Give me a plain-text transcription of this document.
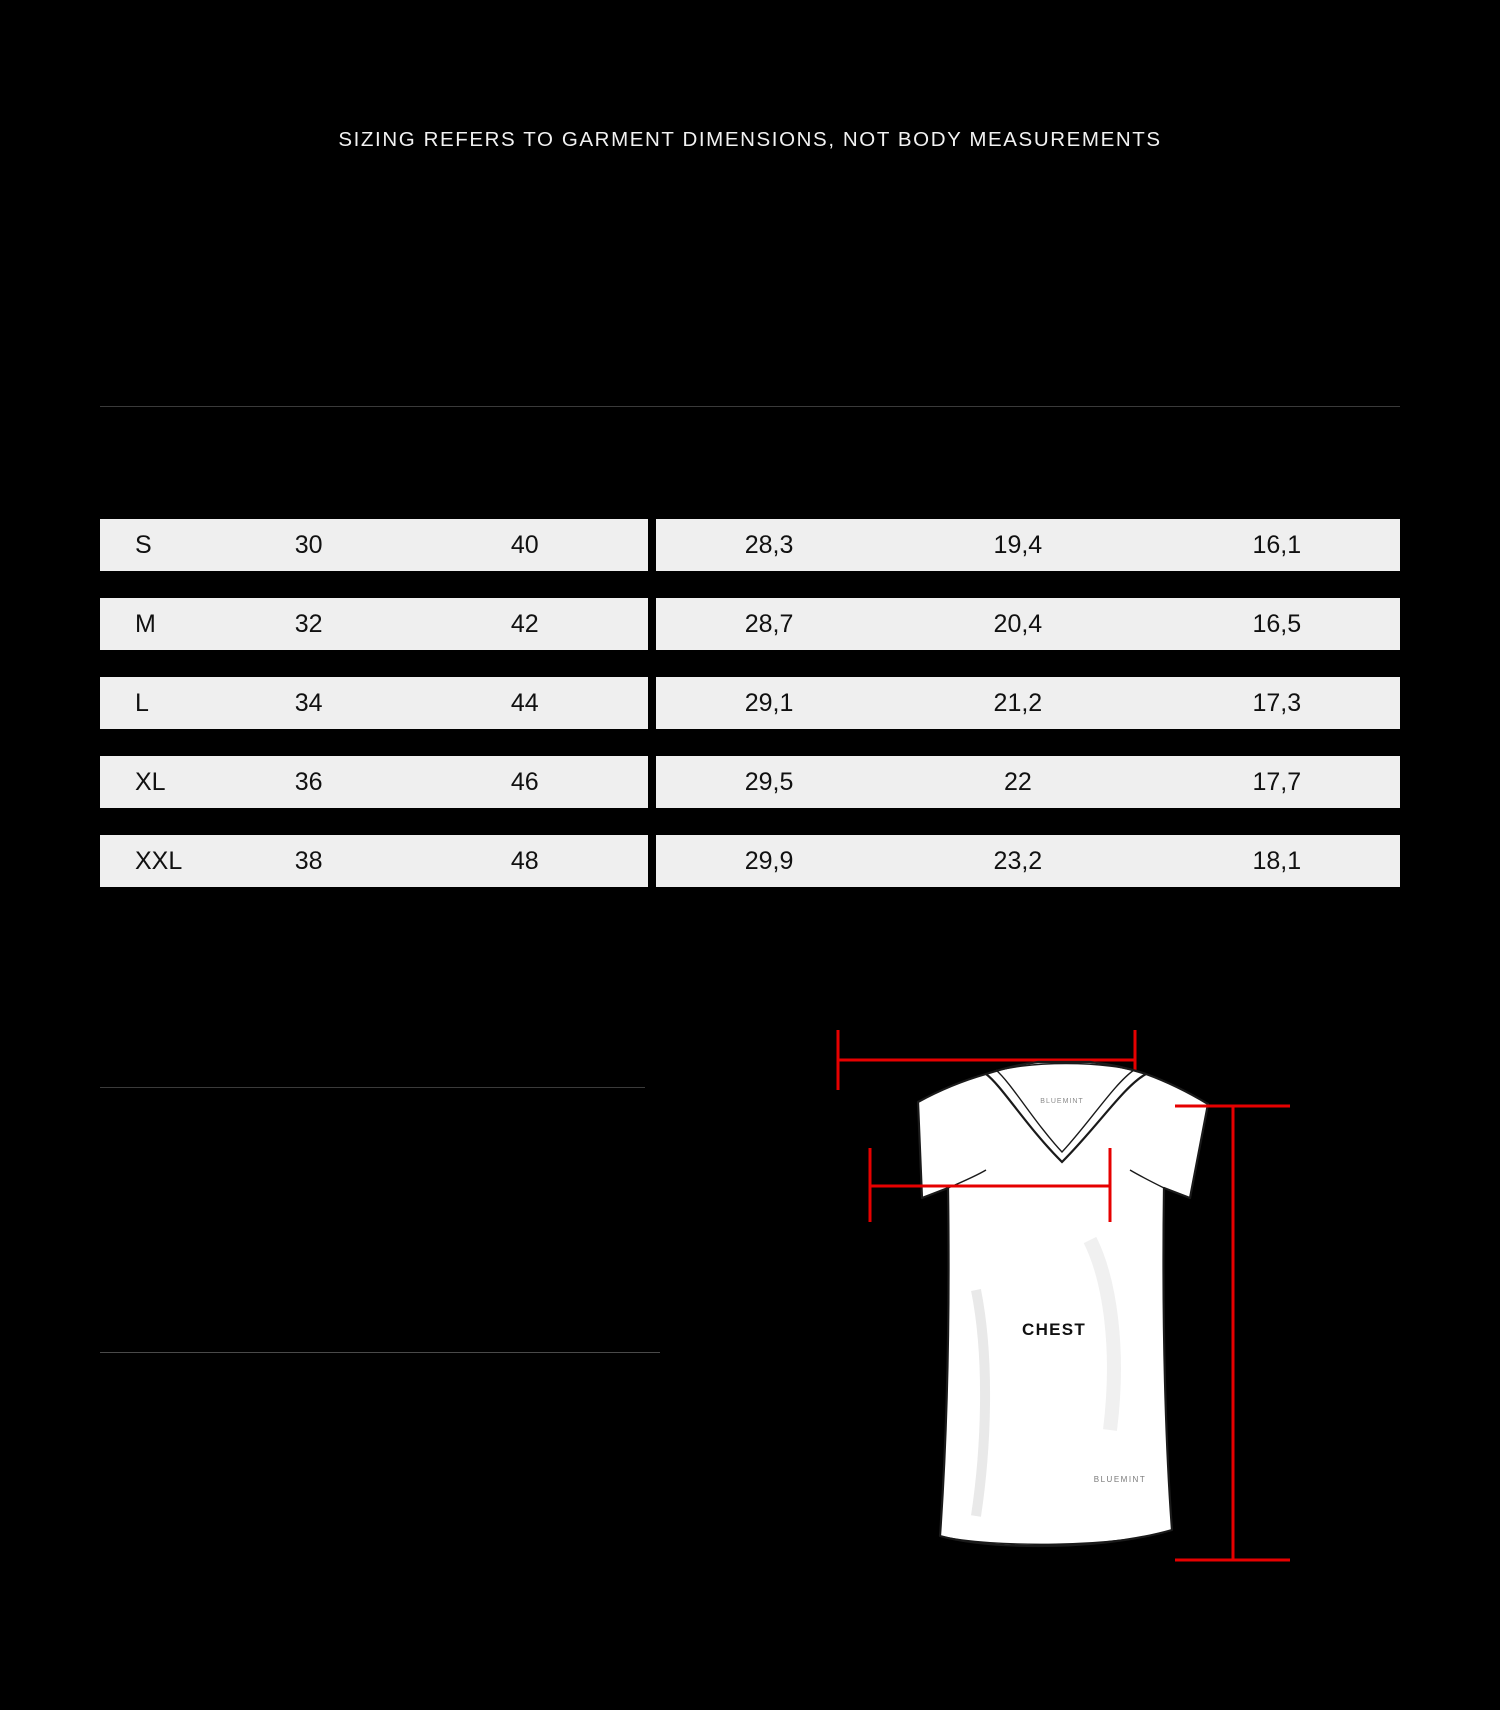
SIZING REFERS TO GARMENT DIMENSIONS, NOT BODY MEASUREMENTS
S	30	40		28,3	19,4	16,1
M	32	42		28,7	20,4	16,5
L	34	44		29,1	21,2	17,3
XL	36	46		29,5	22	17,7
XXL	38	48		29,9	23,2	18,1
BLUEMINT
BLUEMINT
CHEST
